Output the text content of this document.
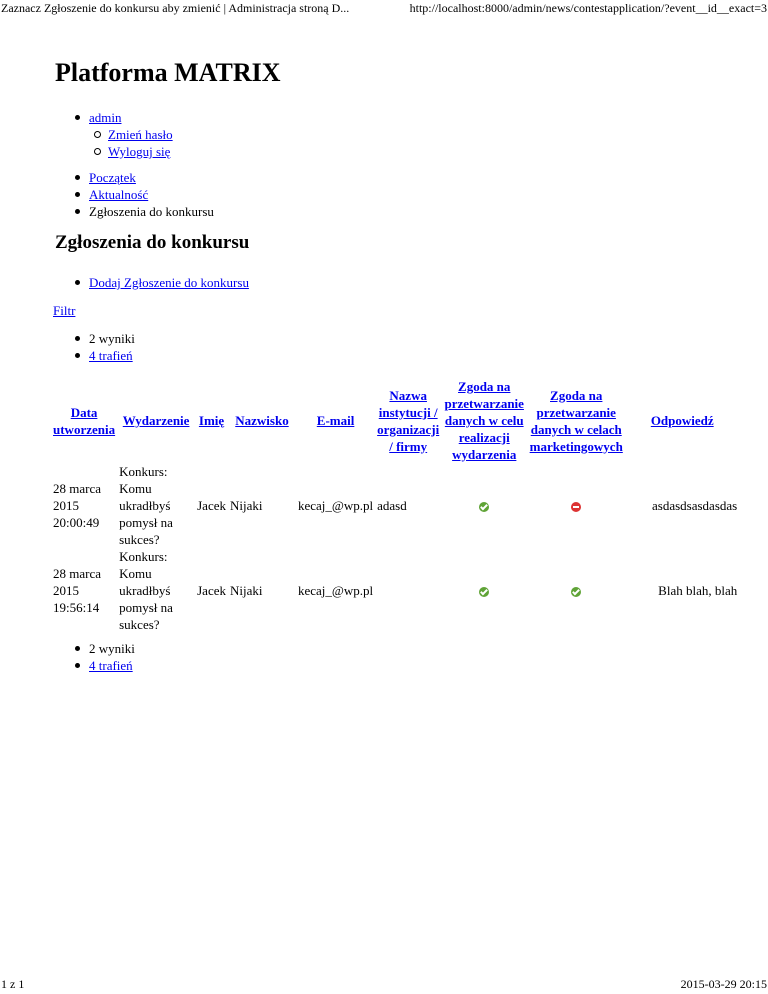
Zaznacz Zgłoszenie do konkursu aby zmienić | Administracja stroną D...	http://localhost:8000/admin/news/contestapplication/?event__id__exact=3
Platforma MATRIX
admin
Zmień hasło
Wyloguj się
Początek
Aktualność
Zgłoszenia do konkursu
Zgłoszenia do konkursu
Dodaj Zgłoszenie do konkursu
Filtr
2 wyniki
4 trafień
Data utworzenia	Wydarzenie	Imię	Nazwisko	E-mail	Nazwa instytucji / organizacji / firmy	Zgoda na przetwarzanie danych w celu realizacji wydarzenia	Zgoda na przetwarzanie danych w celach marketingowych	Odpowiedź
28 marca 2015 20:00:49	Konkurs: Komu ukradłbyś pomysł na sukces?	Jacek	Nijaki	kecaj_@wp.pl	adasd			asdasdsasdasdas
28 marca 2015 19:56:14	Konkurs: Komu ukradłbyś pomysł na sukces?	Jacek	Nijaki	kecaj_@wp.pl				Blah blah, blah
2 wyniki
4 trafień
1 z 1	2015-03-29 20:15
